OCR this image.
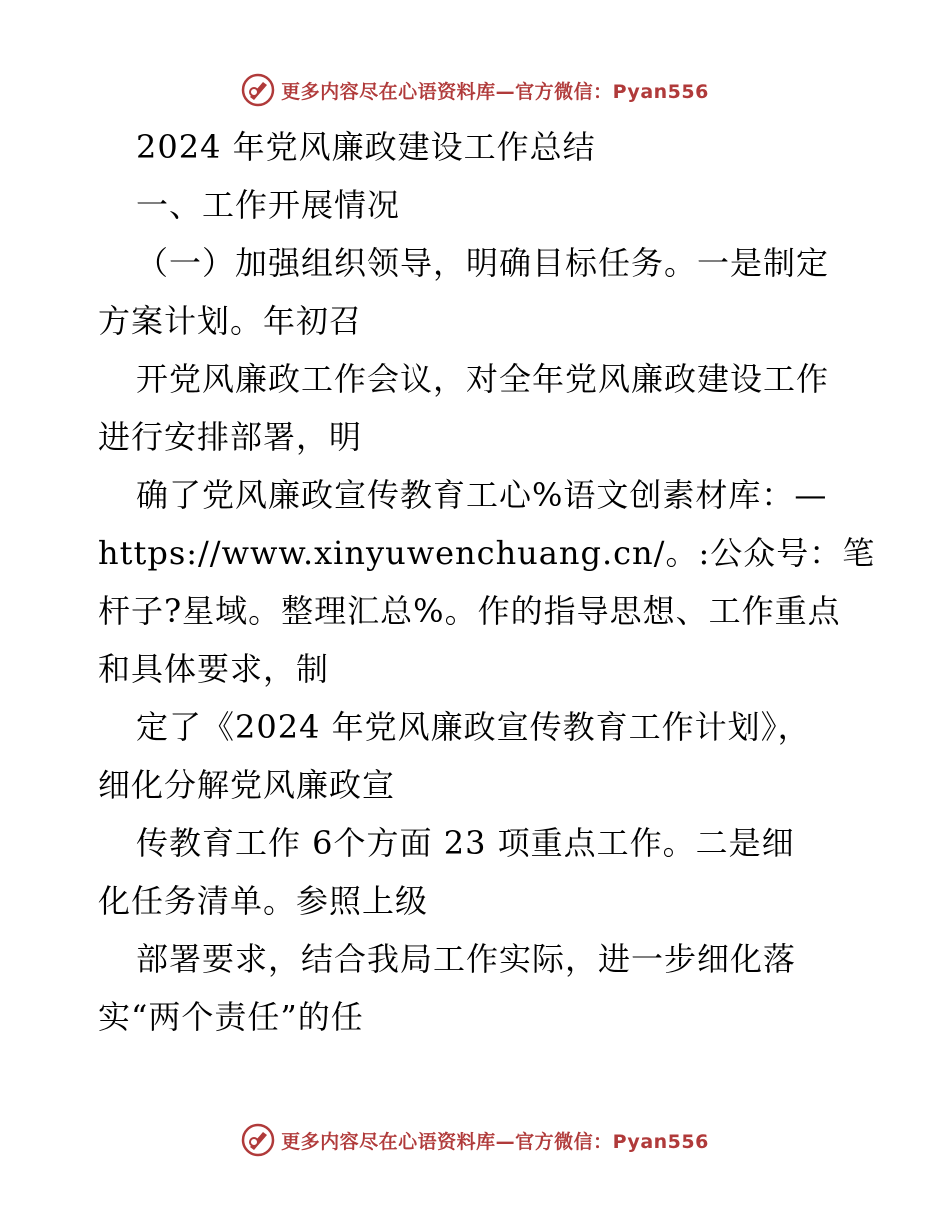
更多内容尽在心语资料库—官方微信：Pyan556
2024 年党风廉政建设工作总结
一、工作开展情况
（一）加强组织领导，明确目标任务。一是制定
方案计划。年初召
开党风廉政工作会议，对全年党风廉政建设工作
进行安排部署，明
确了党风廉政宣传教育工心%语文创素材库：—
https://www.xinyuwenchuang.cn/。:公众号：笔
杆子?星域。整理汇总%。作的指导思想、工作重点
和具体要求，制
定了《2024 年党风廉政宣传教育工作计划》，
细化分解党风廉政宣
传教育工作 6个方面 23 项重点工作。二是细
化任务清单。参照上级
部署要求，结合我局工作实际，进一步细化落
实“两个责任”的任
更多内容尽在心语资料库—官方微信：Pyan556
